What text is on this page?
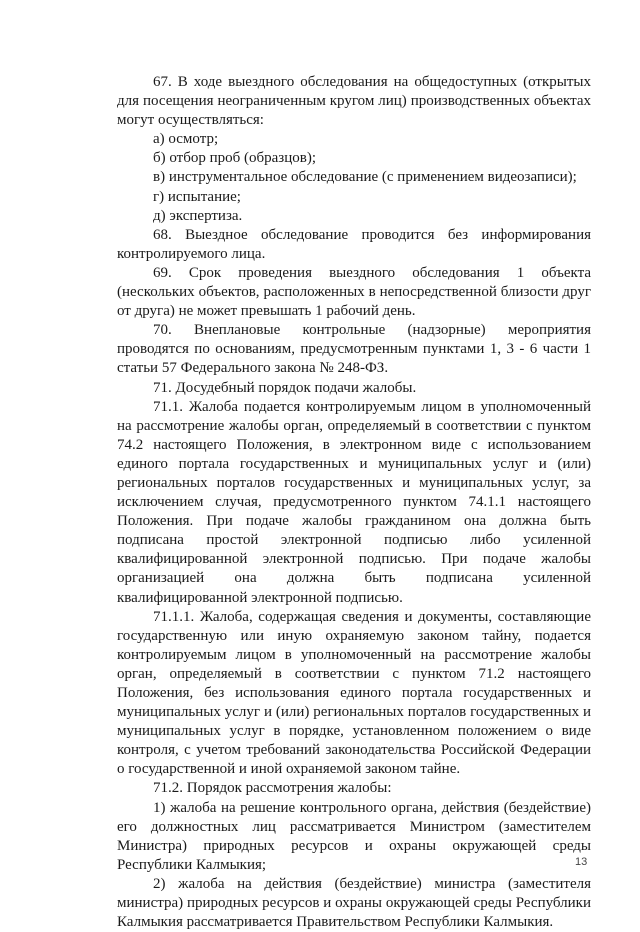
67. В ходе выездного обследования на общедоступных (открытых для посещения неограниченным кругом лиц) производственных объектах могут осуществляться:

а) осмотр;

б) отбор проб (образцов);

в) инструментальное обследование (с применением видеозаписи);

г) испытание;

д) экспертиза.

68. Выездное обследование проводится без информирования контролируемого лица.

69. Срок проведения выездного обследования 1 объекта (нескольких объектов, расположенных в непосредственной близости друг от друга) не может превышать 1 рабочий день.

70. Внеплановые контрольные (надзорные) мероприятия проводятся по основаниям, предусмотренным пунктами 1, 3 - 6 части 1 статьи 57 Федерального закона № 248-ФЗ.

71. Досудебный порядок подачи жалобы.

71.1. Жалоба подается контролируемым лицом в уполномоченный на рассмотрение жалобы орган, определяемый в соответствии с пунктом 74.2 настоящего Положения, в электронном виде с использованием единого портала государственных и муниципальных услуг и (или) региональных порталов государственных и муниципальных услуг, за исключением случая, предусмотренного пунктом 74.1.1 настоящего Положения. При подаче жалобы гражданином она должна быть подписана простой электронной подписью либо усиленной квалифицированной электронной подписью. При подаче жалобы организацией она должна быть подписана усиленной квалифицированной электронной подписью.

71.1.1. Жалоба, содержащая сведения и документы, составляющие государственную или иную охраняемую законом тайну, подается контролируемым лицом в уполномоченный на рассмотрение жалобы орган, определяемый в соответствии с пунктом 71.2 настоящего Положения, без использования единого портала государственных и муниципальных услуг и (или) региональных порталов государственных и муниципальных услуг в порядке, установленном положением о виде контроля, с учетом требований законодательства Российской Федерации о государственной и иной охраняемой законом тайне.

71.2. Порядок рассмотрения жалобы:

1) жалоба на решение контрольного органа, действия (бездействие) его должностных лиц рассматривается Министром (заместителем Министра) природных ресурсов и охраны окружающей среды Республики Калмыкия;

2) жалоба на действия (бездействие) министра (заместителя министра) природных ресурсов и охраны окружающей среды Республики Калмыкия рассматривается Правительством Республики Калмыкия.

13
